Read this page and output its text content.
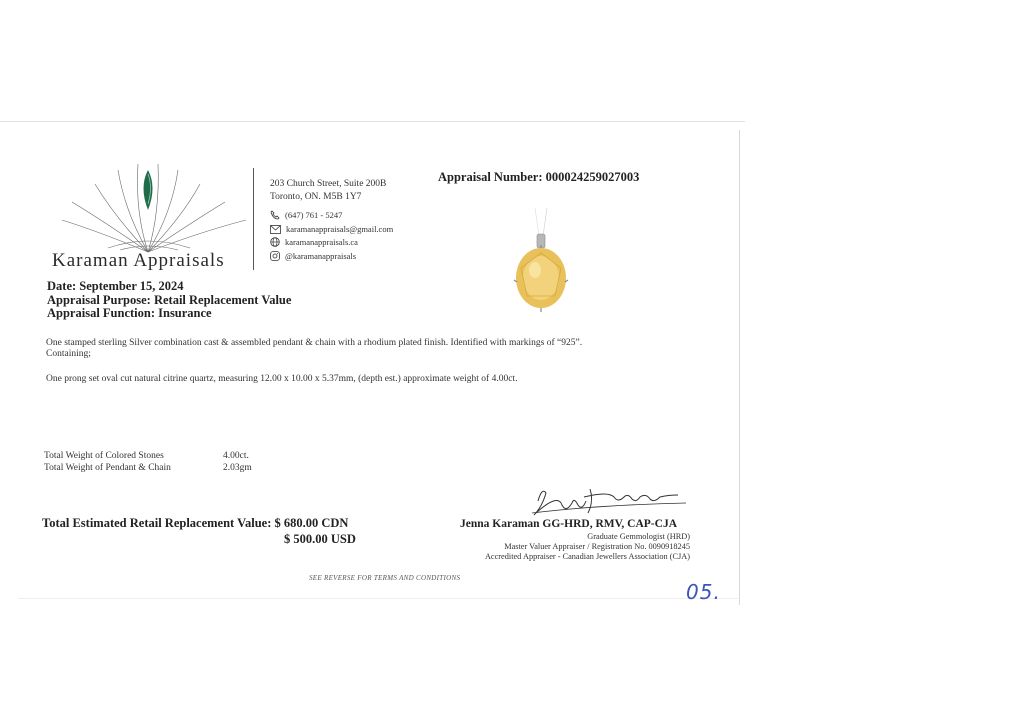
Karaman Appraisals
203 Church Street, Suite 200B
Toronto, ON. M5B 1Y7
(647) 761 - 5247
karamanappraisals@gmail.com
karamanappraisals.ca
@karamanappraisals
Appraisal Number: 000024259027003
Date: September 15, 2024
Appraisal Purpose: Retail Replacement Value
Appraisal Function: Insurance
One stamped sterling Silver combination cast & assembled pendant & chain with a rhodium plated finish. Identified with markings of “925”.
Containing;
One prong set oval cut natural citrine quartz, measuring 12.00 x 10.00 x 5.37mm, (depth est.) approximate weight of 4.00ct.
Total Weight of Colored Stones	4.00ct.
Total Weight of Pendant & Chain	2.03gm
Total Estimated Retail Replacement Value: $ 680.00 CDN
$ 500.00 USD
Jenna Karaman GG-HRD, RMV, CAP-CJA
Graduate Gemmologist (HRD)
Master Valuer Appraiser / Registration No. 0090918245
Accredited Appraiser - Canadian Jewellers Association (CJA)
SEE REVERSE FOR TERMS AND CONDITIONS
05.
